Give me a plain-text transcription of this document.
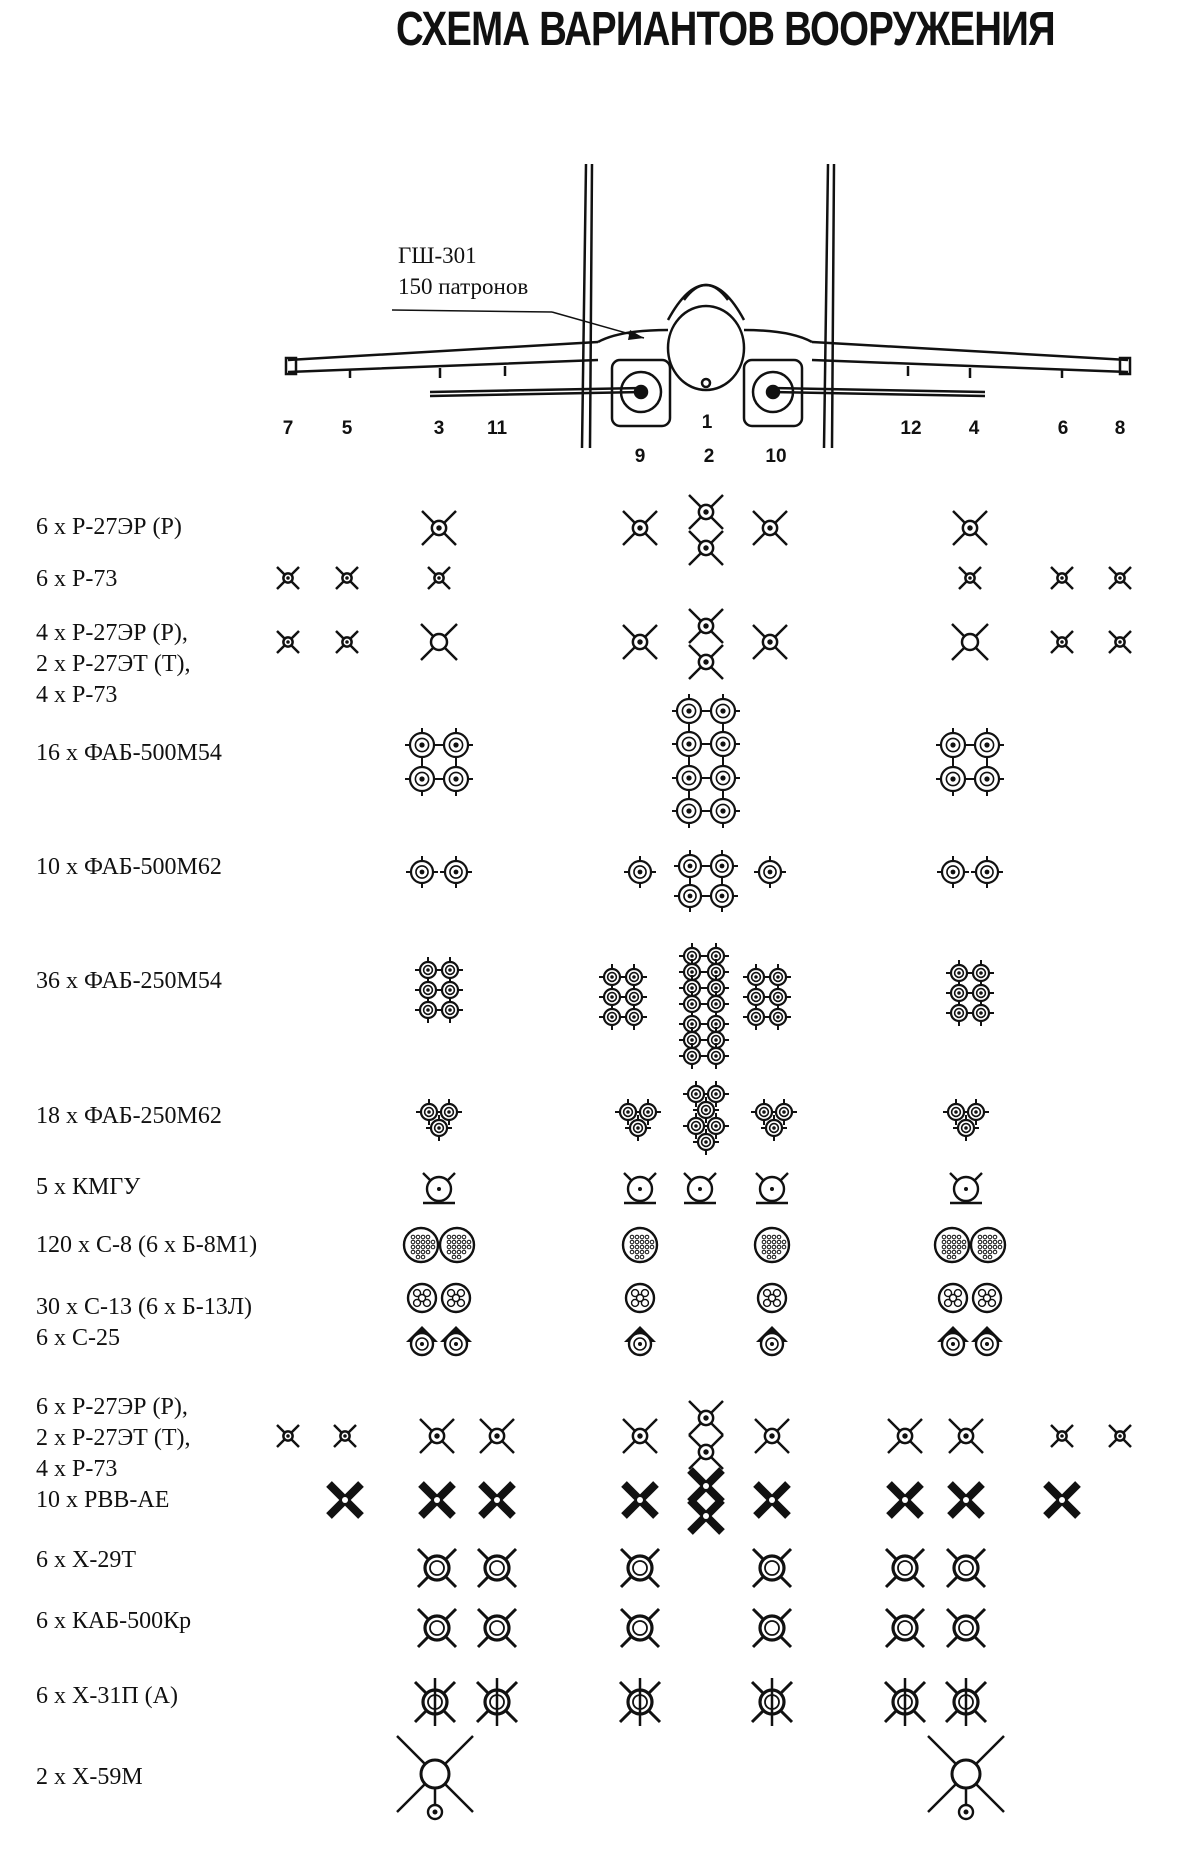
СХЕМА ВАРИАНТОВ ВООРУЖЕНИЯ
ГШ-301
150 патронов
7	5	3 11	1
9	2	10
12 4	6 8
6 х Р-27ЭР (Р)
6 х Р-73
4 х Р-27ЭР (Р),
2 х Р-27ЭТ (Т),
4 х Р-73
16 х ФАБ-500М54
10 х ФАБ-500М62
36 х ФАБ-250М54
18 х ФАБ-250М62
5 х КМГУ
120 х С-8 (6 х Б-8М1)
30 х С-13 (6 х Б-13Л)
6 х С-25
6 х Р-27ЭР (Р),
2 х Р-27ЭТ (Т),
4 х Р-73
10 х РВВ-АЕ
6 х Х-29Т
6 х КАБ-500Кр
6 х Х-31П (А)
2 х Х-59М
